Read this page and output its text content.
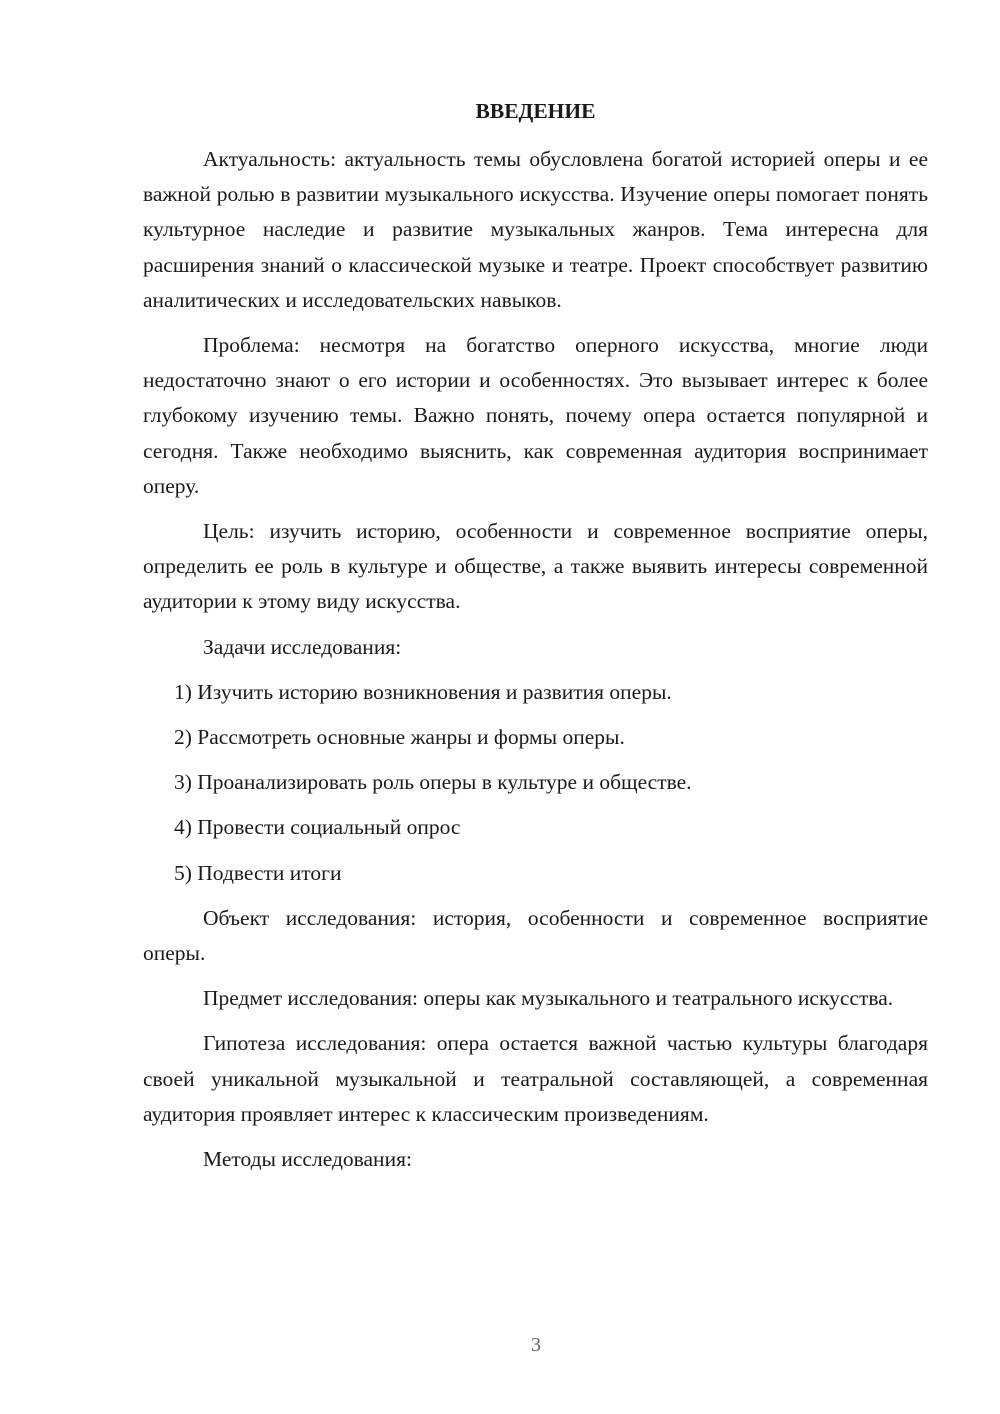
ВВЕДЕНИЕ

Актуальность: актуальность темы обусловлена богатой историей оперы и ее важной ролью в развитии музыкального искусства. Изучение оперы помогает понять культурное наследие и развитие музыкальных жанров. Тема интересна для расширения знаний о классической музыке и театре. Проект способствует развитию аналитических и исследовательских навыков.

Проблема: несмотря на богатство оперного искусства, многие люди недостаточно знают о его истории и особенностях. Это вызывает интерес к более глубокому изучению темы. Важно понять, почему опера остается популярной и сегодня. Также необходимо выяснить, как современная аудитория воспринимает оперу.

Цель: изучить историю, особенности и современное восприятие оперы, определить ее роль в культуре и обществе, а также выявить интересы современной аудитории к этому виду искусства.

Задачи исследования:

1) Изучить историю возникновения и развития оперы.
2) Рассмотреть основные жанры и формы оперы.
3) Проанализировать роль оперы в культуре и обществе.
4) Провести социальный опрос
5) Подвести итоги

Объект исследования: история, особенности и современное восприятие оперы.

Предмет исследования: оперы как музыкального и театрального искусства.

Гипотеза исследования: опера остается важной частью культуры благодаря своей уникальной музыкальной и театральной составляющей, а современная аудитория проявляет интерес к классическим произведениям.

Методы исследования:

3
